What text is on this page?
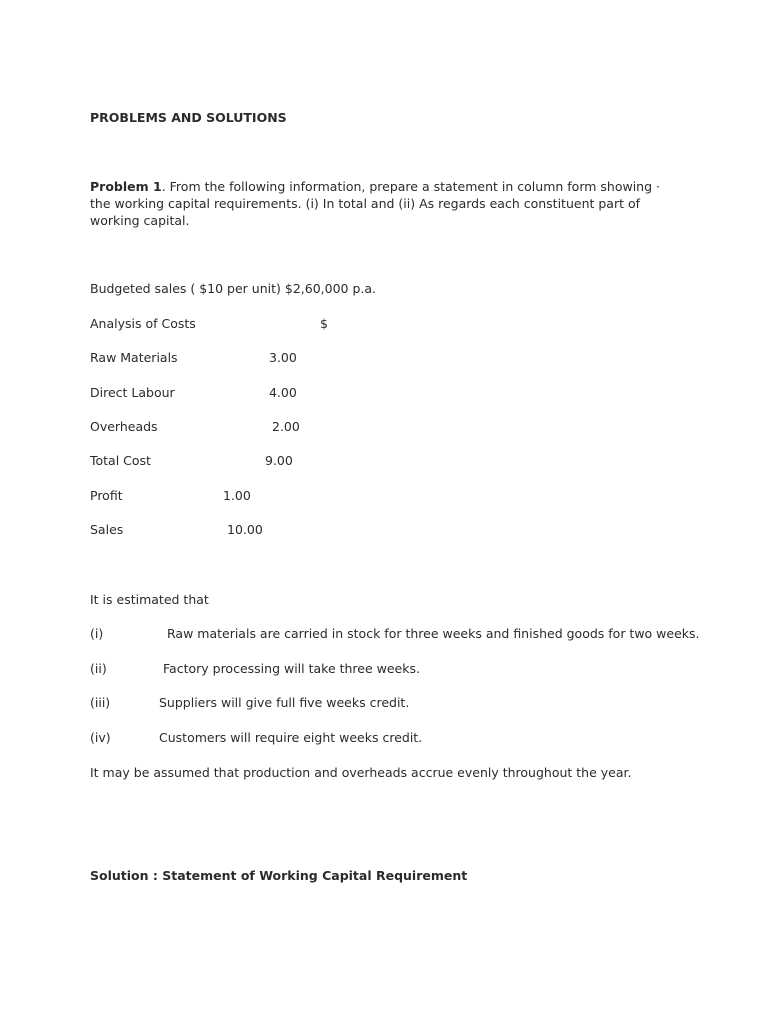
PROBLEMS AND SOLUTIONS
Problem 1. From the following information, prepare a statement in column form showing · the working capital requirements. (i) In total and (ii) As regards each constituent part of working capital.
Budgeted sales ( $10 per unit) $2,60,000 p.a.
Analysis of Costs	$
Raw Materials	3.00
Direct Labour	4.00
Overheads	2.00
Total Cost	9.00
Profit	1.00
Sales	10.00
It is estimated that
(i)	Raw materials are carried in stock for three weeks and finished goods for two weeks.
(ii)	Factory processing will take three weeks.
(iii)	Suppliers will give full five weeks credit.
(iv)	Customers will require eight weeks credit.
It may be assumed that production and overheads accrue evenly throughout the year.
Solution : Statement of Working Capital Requirement
